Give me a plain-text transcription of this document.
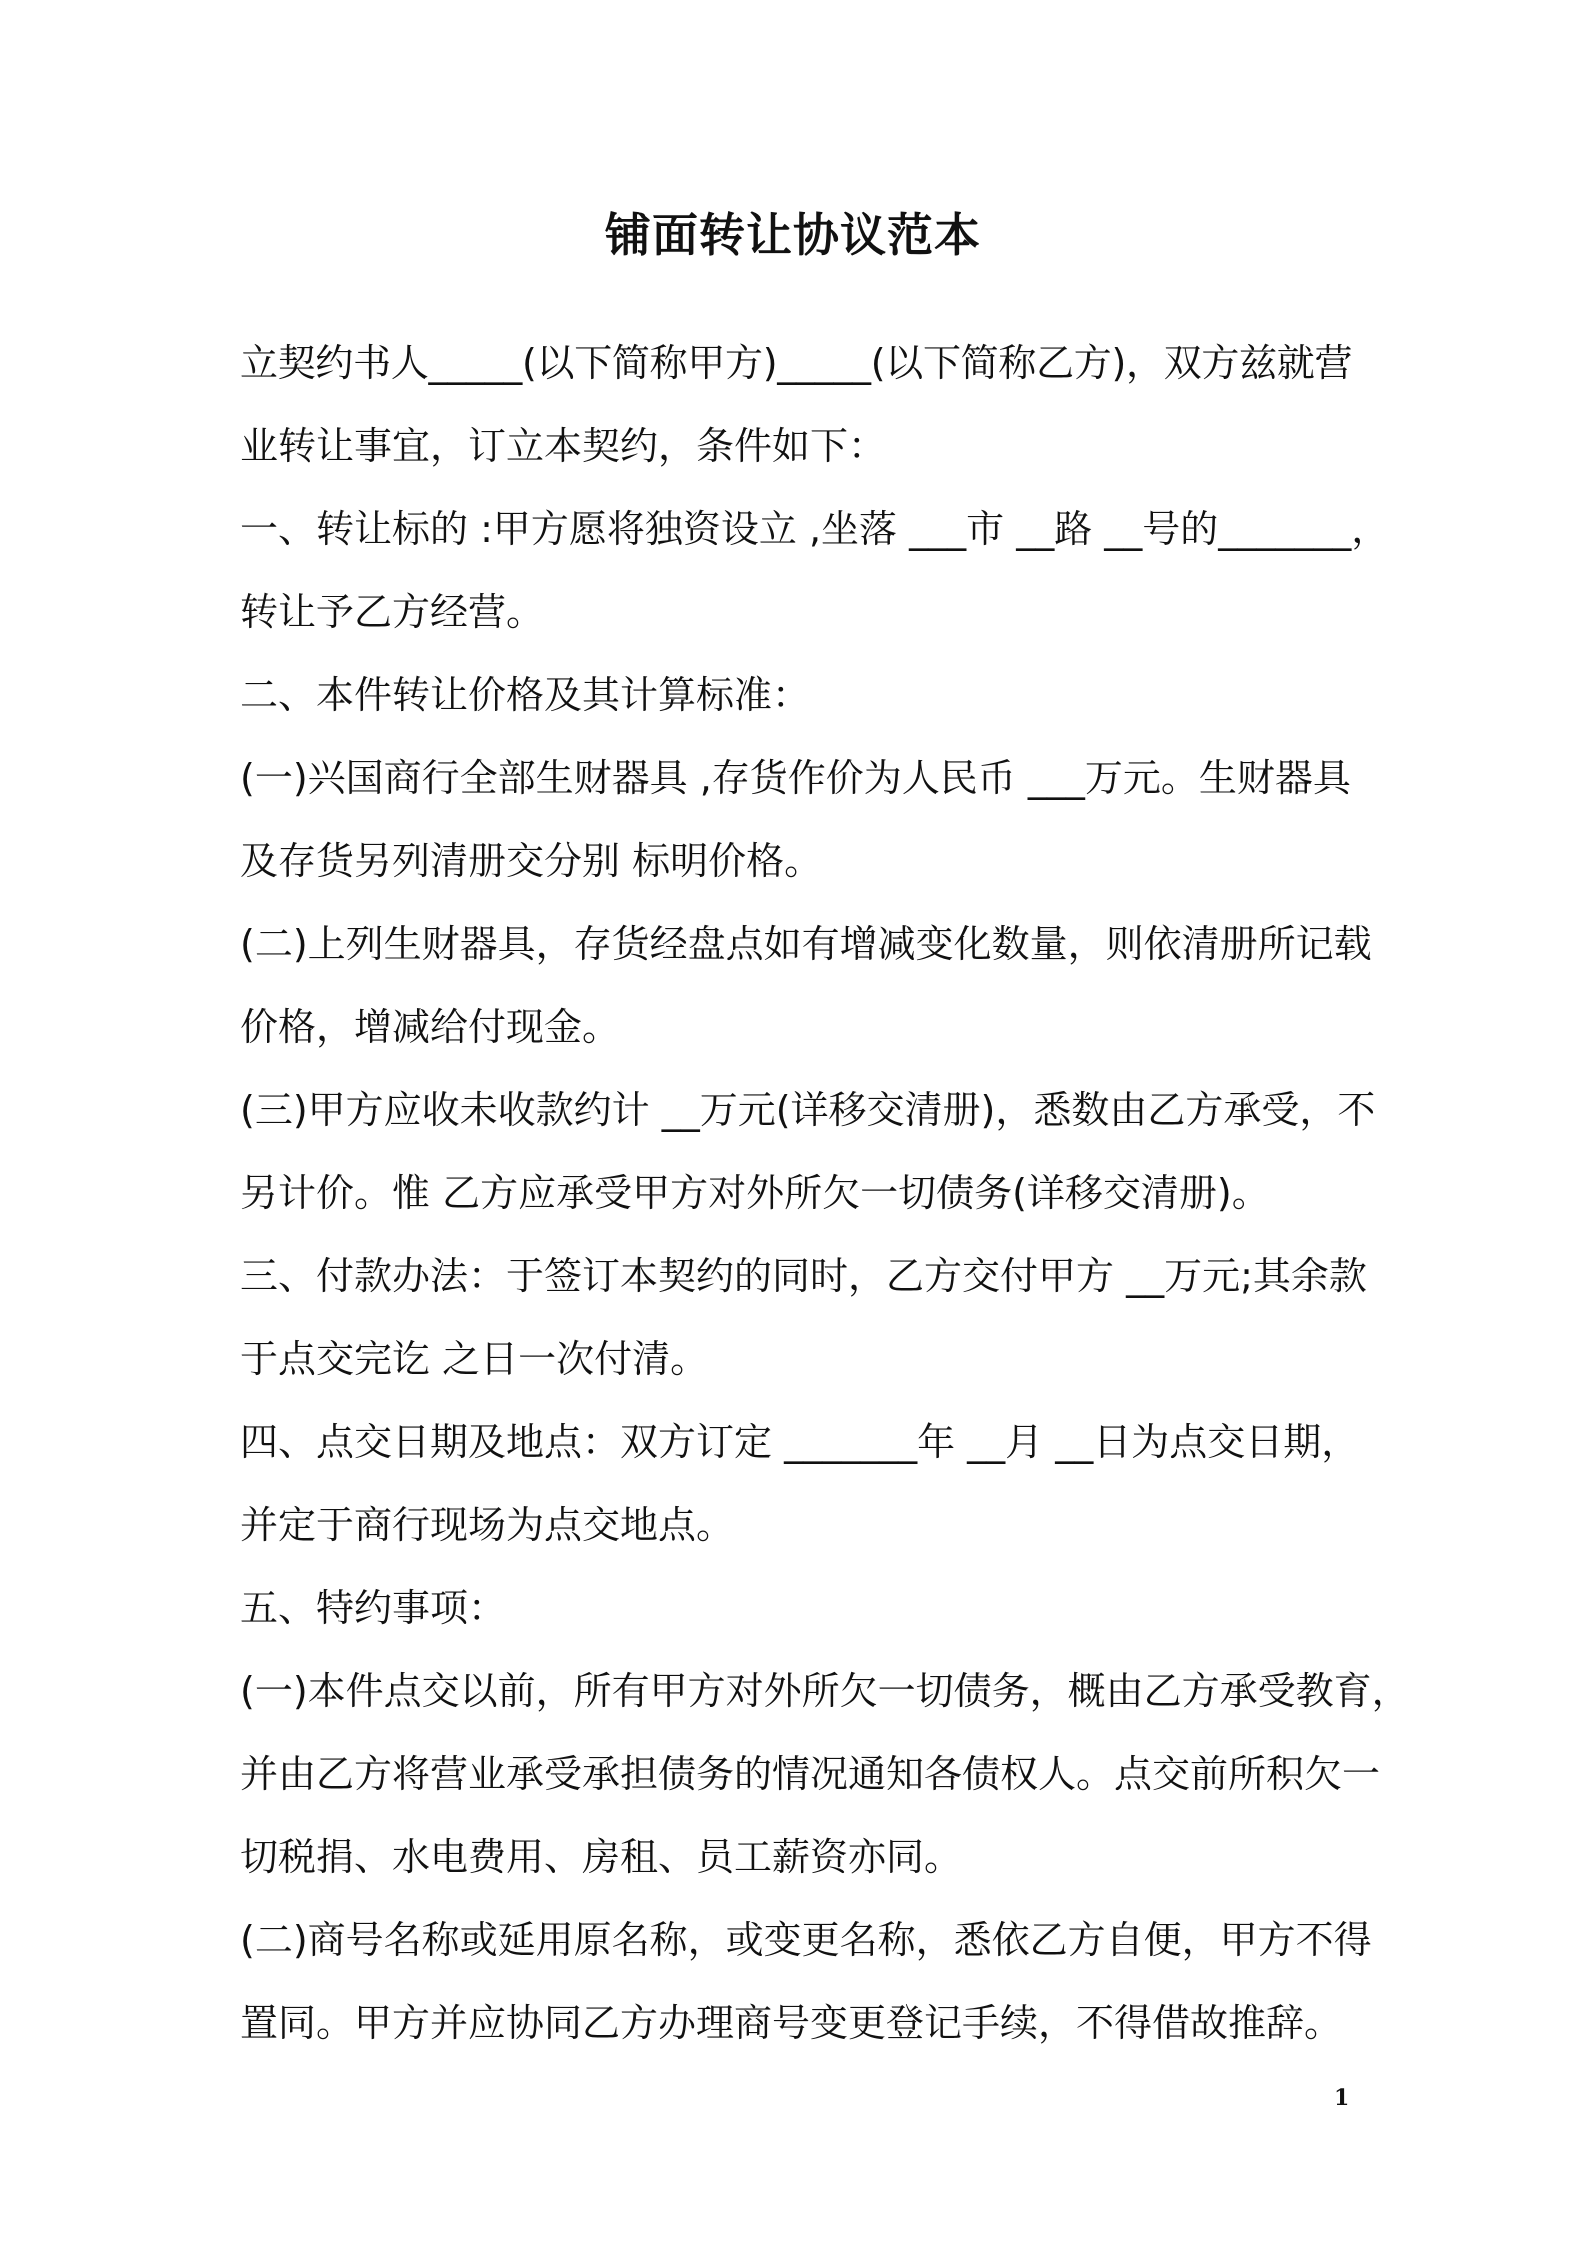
铺面转让协议范本
立契约书人_____(以下简称甲方)_____(以下简称乙方)，双方兹就营
业转让事宜，订立本契约，条件如下：
一、转让标的 :甲方愿将独资设立 ,坐落 ___市 __路 __号的_______，
转让予乙方经营。
二、本件转让价格及其计算标准：
(一)兴国商行全部生财器具 ,存货作价为人民币 ___万元。生财器具
及存货另列清册交分别 标明价格。
(二)上列生财器具，存货经盘点如有增减变化数量，则依清册所记载
价格，增减给付现金。
(三)甲方应收未收款约计 __万元(详移交清册)，悉数由乙方承受，不
另计价。惟 乙方应承受甲方对外所欠一切债务(详移交清册)。
三、付款办法：于签订本契约的同时，乙方交付甲方 __万元;其余款
于点交完讫 之日一次付清。
四、点交日期及地点：双方订定 _______年 __月 __日为点交日期，
并定于商行现场为点交地点。
五、特约事项：
(一)本件点交以前，所有甲方对外所欠一切债务，概由乙方承受教育，
并由乙方将营业承受承担债务的情况通知各债权人。点交前所积欠一
切税捐、水电费用、房租、员工薪资亦同。
(二)商号名称或延用原名称，或变更名称，悉依乙方自便，甲方不得
置同。甲方并应协同乙方办理商号变更登记手续，不得借故推辞。
1
